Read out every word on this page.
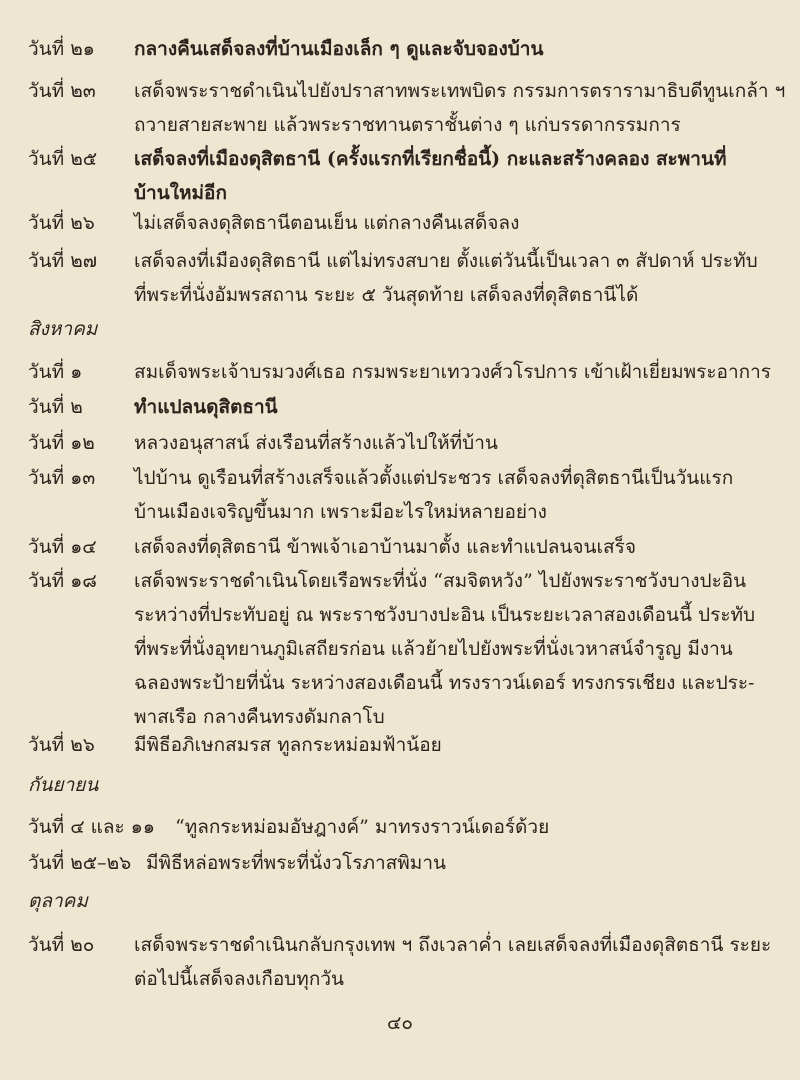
วันที่ ๒๑ กลางคืนเสด็จลงที่บ้านเมืองเล็ก ๆ ดูและจับจองบ้าน
วันที่ ๒๓ เสด็จพระราชดำเนินไปยังปราสาทพระเทพบิดร กรรมการตรารามาธิบดีทูนเกล้า ฯ
ถวายสายสะพาย แล้วพระราชทานตราชั้นต่าง ๆ แก่บรรดากรรมการ
วันที่ ๒๕ เสด็จลงที่เมืองดุสิตธานี (ครั้งแรกที่เรียกชื่อนี้) กะและสร้างคลอง สะพานที่
บ้านใหม่อีก
วันที่ ๒๖ ไม่เสด็จลงดุสิตธานีตอนเย็น แต่กลางคืนเสด็จลง
วันที่ ๒๗ เสด็จลงที่เมืองดุสิตธานี แต่ไม่ทรงสบาย ตั้งแต่วันนี้เป็นเวลา ๓ สัปดาห์ ประทับ
ที่พระที่นั่งอัมพรสถาน ระยะ ๕ วันสุดท้าย เสด็จลงที่ดุสิตธานีได้
สิงหาคม
วันที่ ๑	สมเด็จพระเจ้าบรมวงศ์เธอ กรมพระยาเทววงศ์วโรปการ เข้าเฝ้าเยี่ยมพระอาการ
วันที่ ๒	ทำแปลนดุสิตธานี
วันที่ ๑๒ หลวงอนุสาสน์ ส่งเรือนที่สร้างแล้วไปให้ที่บ้าน
วันที่ ๑๓ ไปบ้าน ดูเรือนที่สร้างเสร็จแล้วตั้งแต่ประชวร เสด็จลงที่ดุสิตธานีเป็นวันแรก
บ้านเมืองเจริญขึ้นมาก เพราะมีอะไรใหม่หลายอย่าง
วันที่ ๑๔ เสด็จลงที่ดุสิตธานี ข้าพเจ้าเอาบ้านมาตั้ง และทำแปลนจนเสร็จ
วันที่ ๑๘ เสด็จพระราชดำเนินโดยเรือพระที่นั่ง “สมจิตหวัง” ไปยังพระราชวังบางปะอิน
ระหว่างที่ประทับอยู่ ณ พระราชวังบางปะอิน เป็นระยะเวลาสองเดือนนี้ ประทับ
ที่พระที่นั่งอุทยานภูมิเสถียรก่อน แล้วย้ายไปยังพระที่นั่งเวหาสน์จำรูญ มีงาน
ฉลองพระป้ายที่นั่น ระหว่างสองเดือนนี้ ทรงราวน์เดอร์ ทรงกรรเชียง และประ-
พาสเรือ กลางคืนทรงดัมกลาโบ
วันที่ ๒๖ มีพิธีอภิเษกสมรส ทูลกระหม่อมฟ้าน้อย
กันยายน
วันที่ ๔ และ ๑๑ “ทูลกระหม่อมอัษฎางค์” มาทรงราวน์เดอร์ด้วย
วันที่ ๒๕–๒๖ มีพิธีหล่อพระที่พระที่นั่งวโรภาสพิมาน
ตุลาคม
วันที่ ๒๐ เสด็จพระราชดำเนินกลับกรุงเทพ ฯ ถึงเวลาค่ำ เลยเสด็จลงที่เมืองดุสิตธานี ระยะ
ต่อไปนี้เสด็จลงเกือบทุกวัน
๔๐
